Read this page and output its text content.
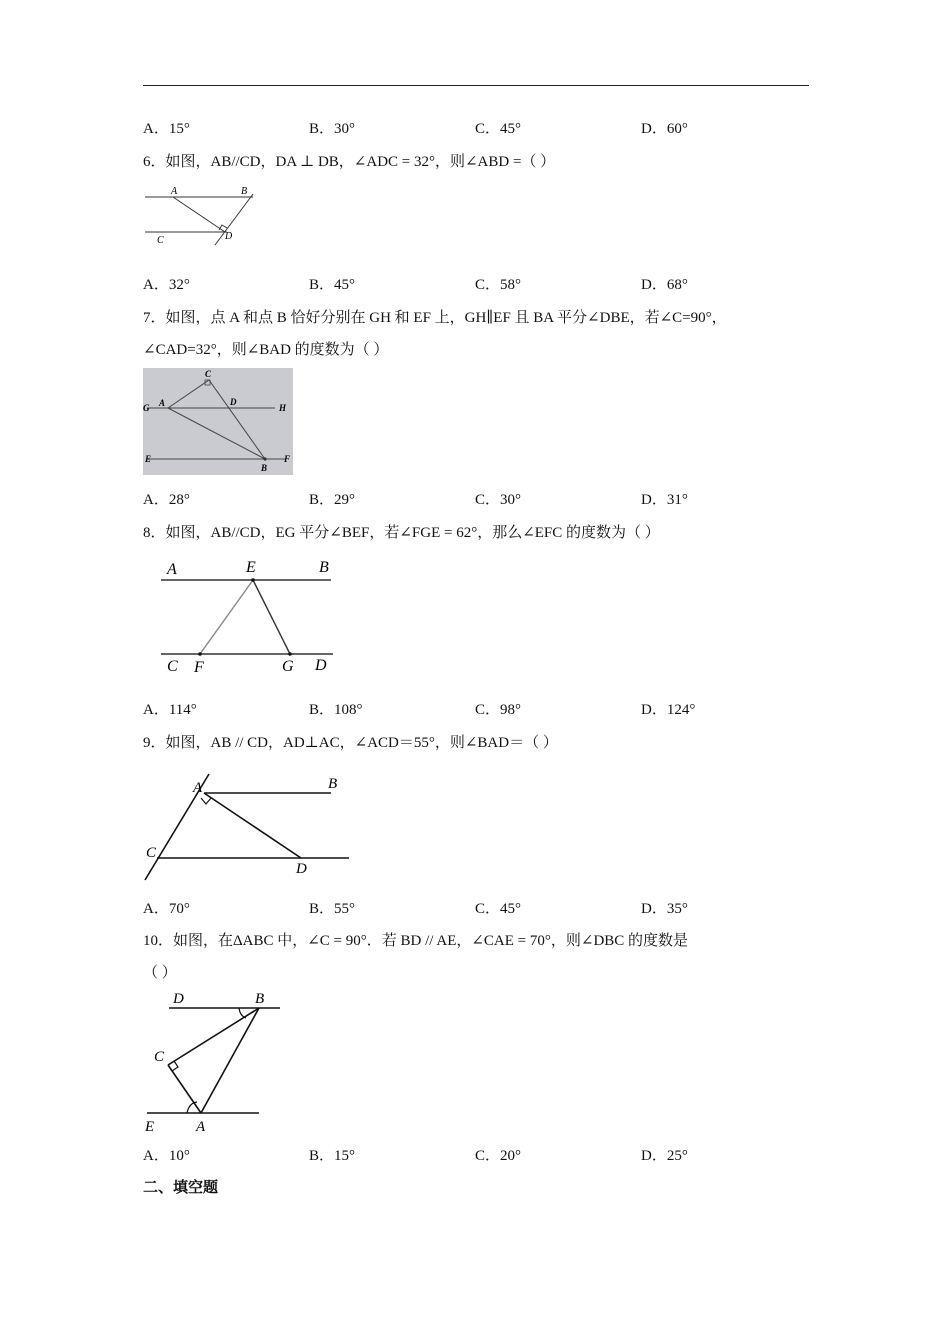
A．15°	B．30°	C．45°	D．60°
6．如图，AB//CD，DA ⊥ DB，∠ADC = 32°，则∠ABD =（ ）
A	B
C	D
A．32°	B．45°	C．58°	D．68°
7．如图，点 A 和点 B 恰好分别在 GH 和 EF 上，GH∥EF 且 BA 平分∠DBE，若∠C=90°，
∠CAD=32°，则∠BAD 的度数为（ ）
C
A	D
H
G
E
B
F
A．28°	B．29°	C．30°	D．31°
8．如图，AB//CD，EG 平分∠BEF，若∠FGE = 62°，那么∠EFC 的度数为（ ）
A	E	B
C F	G D
A．114°	B．108°	C．98°	D．124°
9．如图，AB // CD，AD⊥AC，∠ACD＝55°，则∠BAD＝（ ）
A	B
C
D
A．70°	B．55°	C．45°	D．35°
10．如图，在ΔABC 中，∠C = 90°．若 BD // AE，∠CAE = 70°，则∠DBC 的度数是
（ ）
D	B
C
E	A
A．10°	B．15°	C．20°	D．25°
二、填空题
